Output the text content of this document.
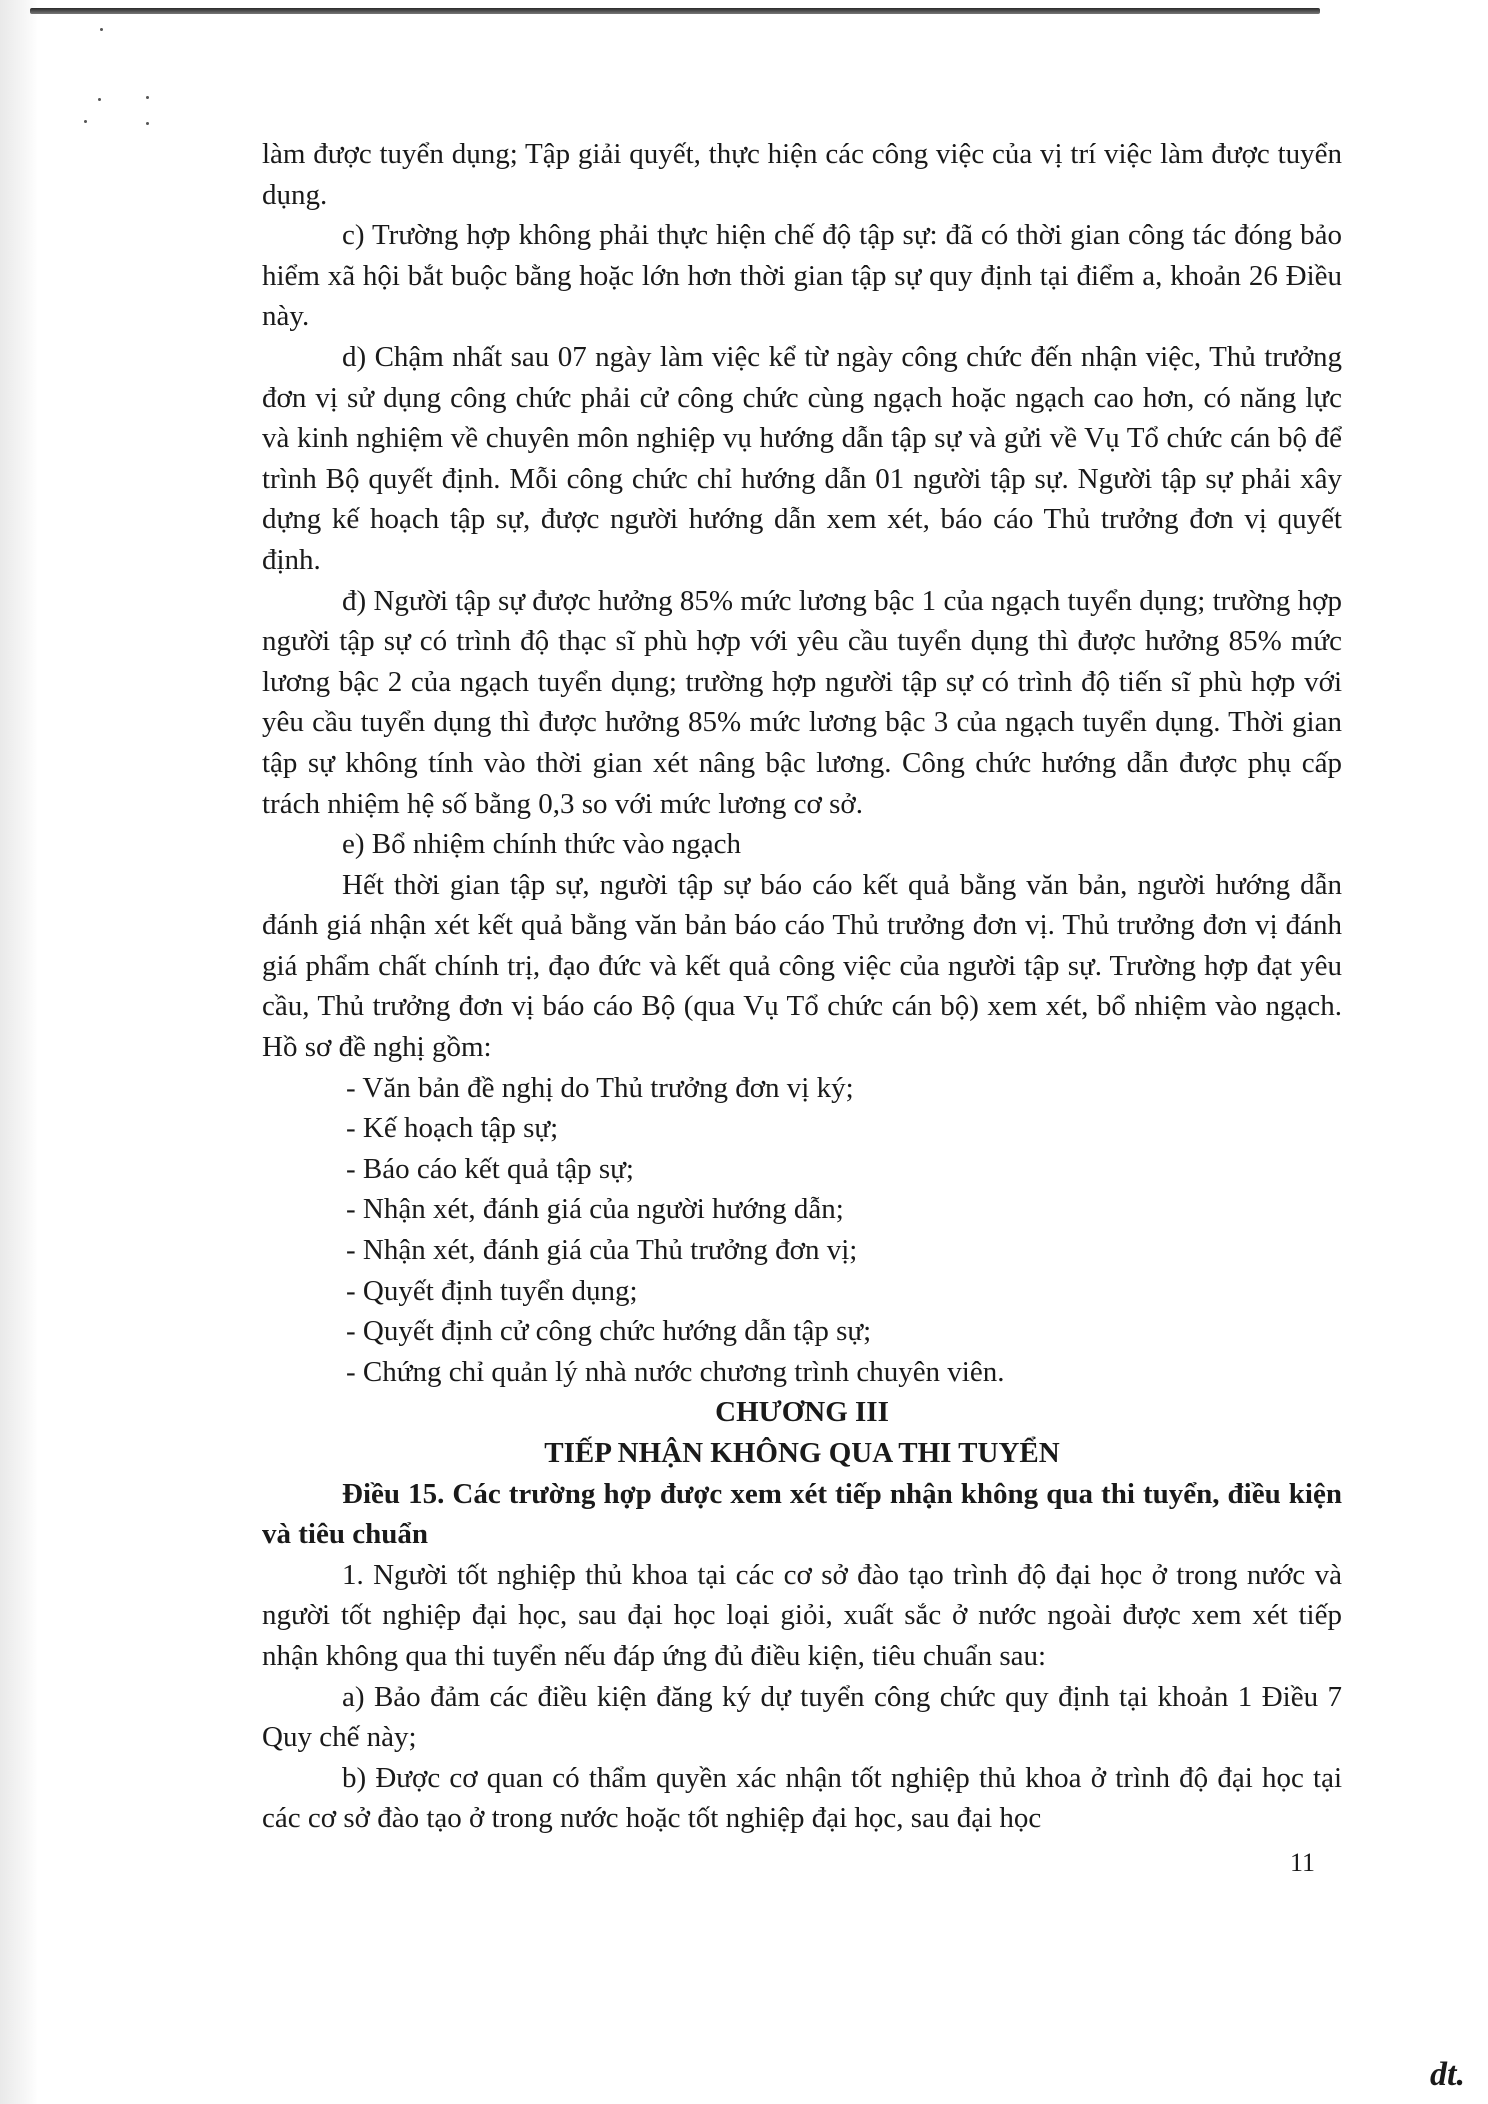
làm được tuyển dụng; Tập giải quyết, thực hiện các công việc của vị trí việc làm được tuyển dụng.

c) Trường hợp không phải thực hiện chế độ tập sự: đã có thời gian công tác đóng bảo hiểm xã hội bắt buộc bằng hoặc lớn hơn thời gian tập sự quy định tại điểm a, khoản 26 Điều này.

d) Chậm nhất sau 07 ngày làm việc kể từ ngày công chức đến nhận việc, Thủ trưởng đơn vị sử dụng công chức phải cử công chức cùng ngạch hoặc ngạch cao hơn, có năng lực và kinh nghiệm về chuyên môn nghiệp vụ hướng dẫn tập sự và gửi về Vụ Tổ chức cán bộ để trình Bộ quyết định. Mỗi công chức chỉ hướng dẫn 01 người tập sự. Người tập sự phải xây dựng kế hoạch tập sự, được người hướng dẫn xem xét, báo cáo Thủ trưởng đơn vị quyết định.

đ) Người tập sự được hưởng 85% mức lương bậc 1 của ngạch tuyển dụng; trường hợp người tập sự có trình độ thạc sĩ phù hợp với yêu cầu tuyển dụng thì được hưởng 85% mức lương bậc 2 của ngạch tuyển dụng; trường hợp người tập sự có trình độ tiến sĩ phù hợp với yêu cầu tuyển dụng thì được hưởng 85% mức lương bậc 3 của ngạch tuyển dụng. Thời gian tập sự không tính vào thời gian xét nâng bậc lương. Công chức hướng dẫn được phụ cấp trách nhiệm hệ số bằng 0,3 so với mức lương cơ sở.

e) Bổ nhiệm chính thức vào ngạch

Hết thời gian tập sự, người tập sự báo cáo kết quả bằng văn bản, người hướng dẫn đánh giá nhận xét kết quả bằng văn bản báo cáo Thủ trưởng đơn vị. Thủ trưởng đơn vị đánh giá phẩm chất chính trị, đạo đức và kết quả công việc của người tập sự. Trường hợp đạt yêu cầu, Thủ trưởng đơn vị báo cáo Bộ (qua Vụ Tổ chức cán bộ) xem xét, bổ nhiệm vào ngạch. Hồ sơ đề nghị gồm:

- Văn bản đề nghị do Thủ trưởng đơn vị ký;
- Kế hoạch tập sự;
- Báo cáo kết quả tập sự;
- Nhận xét, đánh giá của người hướng dẫn;
- Nhận xét, đánh giá của Thủ trưởng đơn vị;
- Quyết định tuyển dụng;
- Quyết định cử công chức hướng dẫn tập sự;
- Chứng chỉ quản lý nhà nước chương trình chuyên viên.

CHƯƠNG III

TIẾP NHẬN KHÔNG QUA THI TUYỂN

Điều 15. Các trường hợp được xem xét tiếp nhận không qua thi tuyển, điều kiện và tiêu chuẩn

1. Người tốt nghiệp thủ khoa tại các cơ sở đào tạo trình độ đại học ở trong nước và người tốt nghiệp đại học, sau đại học loại giỏi, xuất sắc ở nước ngoài được xem xét tiếp nhận không qua thi tuyển nếu đáp ứng đủ điều kiện, tiêu chuẩn sau:

a) Bảo đảm các điều kiện đăng ký dự tuyển công chức quy định tại khoản 1 Điều 7 Quy chế này;

b) Được cơ quan có thẩm quyền xác nhận tốt nghiệp thủ khoa ở trình độ đại học tại các cơ sở đào tạo ở trong nước hoặc tốt nghiệp đại học, sau đại học

11
dt.
